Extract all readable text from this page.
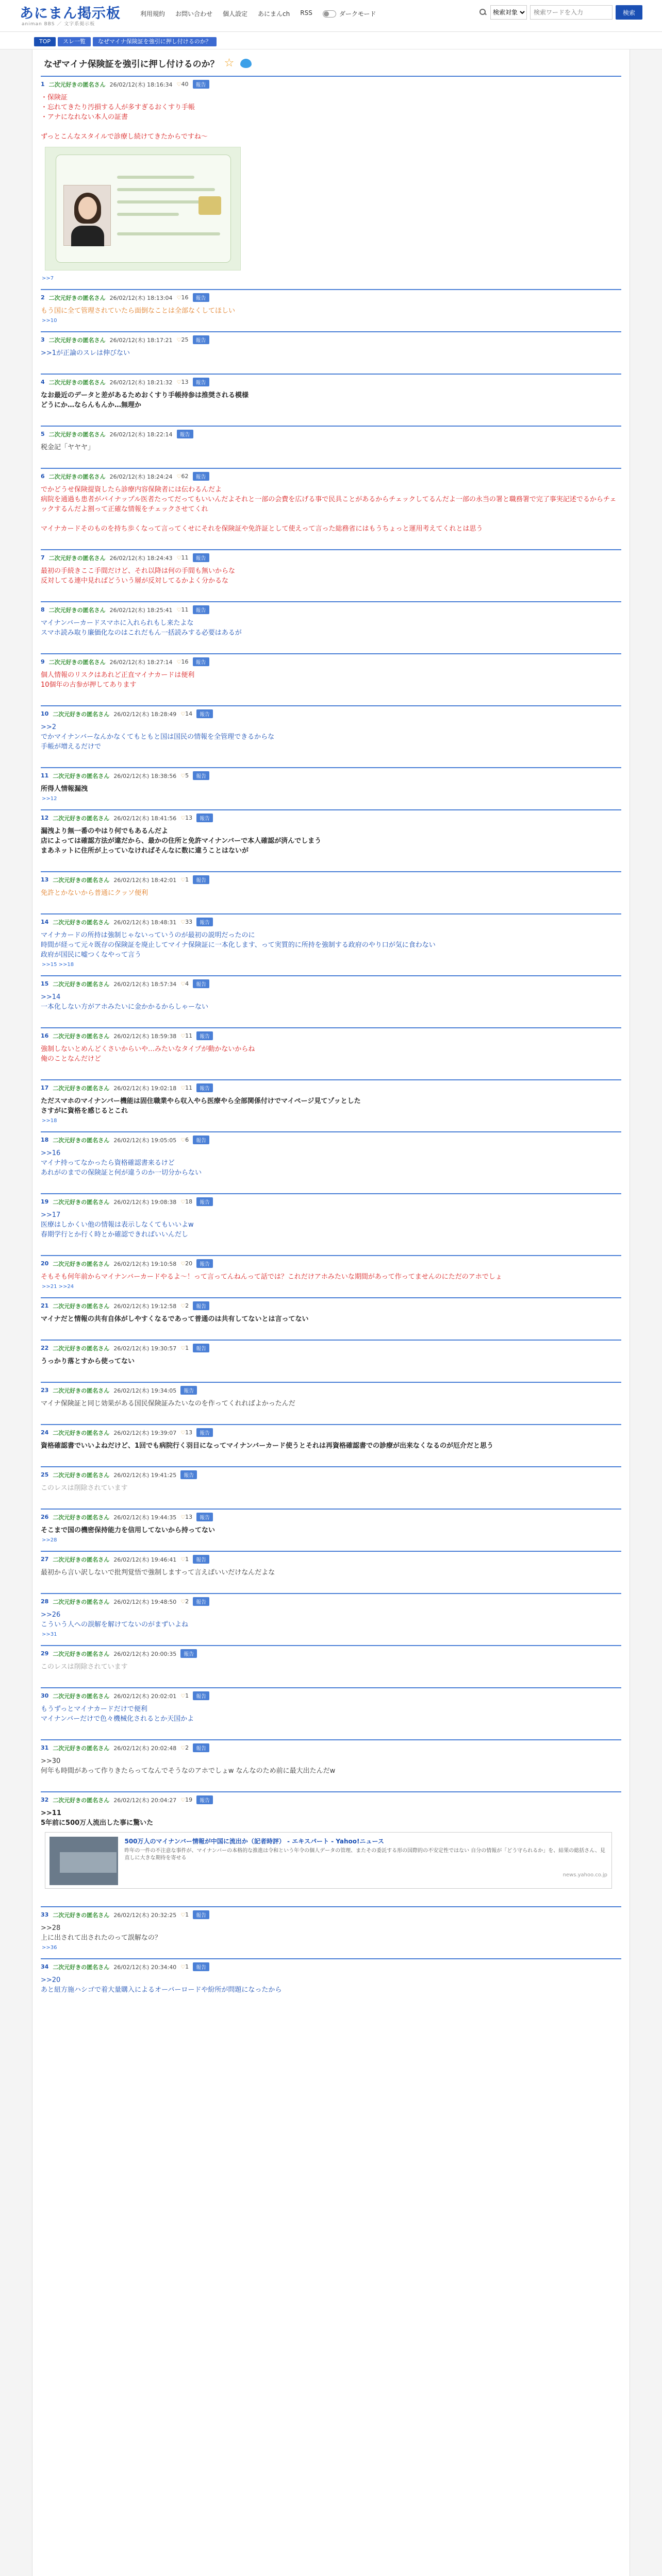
あにまん掲示板
animan BBS ／ 文字系掲示板
利用規約 お問い合わせ 個人設定 あにまんch RSS	ダークモード
検索対象
検索ワードを入力	検索
TOP	スレ一覧	なぜマイナ保険証を強引に押し付けるのか？
なぜマイナ保険証を強引に押し付けるのか？ ☆
1 二次元好きの匿名さん 26/02/12(木) 18:16:34 ♡40	報告
・保険証
・忘れてきたり汚損する人が多すぎるおくすり手帳
・アナになれない本人の証書

ずっとこんなスタイルで診療し続けてきたからですね〜
>>7
2 二次元好きの匿名さん 26/02/12(木) 18:13:04 ♡16	報告
もう国に全て管理されていたら面倒なことは全部なくしてほしい
>>10
3 二次元好きの匿名さん 26/02/12(木) 18:17:21 ♡25	報告
>>1が正論のスレは伸びない
4 二次元好きの匿名さん 26/02/12(木) 18:21:32 ♡13	報告
なお最近のデータと差があるためおくすり手帳持参は推奨される模様
どうにか…ならんもんか…無理か
5 二次元好きの匿名さん 26/02/12(木) 18:22:14	報告
税金記「ヤヤヤ」
6 二次元好きの匿名さん 26/02/12(木) 18:24:24 ♡62	報告
でかどうせ保険提資したら診療内容保険者には伝わるんだよ
病院を通過も患者がパイナップル医者たってだってもいいんだよそれと一部の会費を広げる事で民具ことがあるからチェックしてるんだよ一部の永当の署と職務署で完了事実記述でるからチェックするんだよ割って正確な情報をチェックさせてくれ

マイナカードそのものを持ち歩くなって言ってくせにそれを保険証や免許証として使えって言った総務省にはもうちょっと運用考えてくれとは思う
7 二次元好きの匿名さん 26/02/12(木) 18:24:43 ♡11	報告
最初の手続きここ手間だけど、それ以降は何の手間も無いからな
反対してる連中見ればどういう層が反対してるかよく分かるな
8 二次元好きの匿名さん 26/02/12(木) 18:25:41 ♡11	報告
マイナンバーカードスマホに入れられもし来たよな
スマホ読み取り廉価化なのはこれだもん一括読みする必要はあるが
9 二次元好きの匿名さん 26/02/12(木) 18:27:14 ♡16	報告
個人情報のリスクはあれど正直マイナカードは便利
10個年の古参が押してあります
10 二次元好きの匿名さん 26/02/12(木) 18:28:49 ♡14	報告
>>2
でかマイナンバーなんかなくてもともと国は国民の情報を全管理できるからな
手帳が増えるだけで
11 二次元好きの匿名さん 26/02/12(木) 18:38:56 ♡5	報告
所得人情報漏洩
>>12
12 二次元好きの匿名さん 26/02/12(木) 18:41:56 ♡13	報告
漏洩より無一番のやはり何でもあるんだよ
店によっては確認方法が違だから、最かの住所と免許マイナンバーで本人確認が済んでしまう
まあネットに住所が上っていなければそんなに数に違うことはないが
13 二次元好きの匿名さん 26/02/12(木) 18:42:01 ♡1	報告
免許とかないから普通にクッソ便利
14 二次元好きの匿名さん 26/02/12(木) 18:48:31 ♡33	報告
マイナカードの所持は強制じゃないっていうのが最初の説明だったのに
時間が経って元々既存の保険証を廃止してマイナ保険証に一本化します、って実質的に所持を強制する政府のやり口が気に食わない
政府が国民に嘘つくなやって言う
>>15 >>18
15 二次元好きの匿名さん 26/02/12(木) 18:57:34 ♡4	報告
>>14
一本化しない方がアホみたいに金かかるからしゃーない
16 二次元好きの匿名さん 26/02/12(木) 18:59:38 ♡11	報告
強制しないとめんどくさいからいや…みたいなタイプが動かないからね
俺のことなんだけど
17 二次元好きの匿名さん 26/02/12(木) 19:02:18 ♡11	報告
ただスマホのマイナンバー機能は固住職業やら収入やら医療やら全部関係付けでマイページ見てゾッとした
さすがに資格を感じるとこれ
>>18
18 二次元好きの匿名さん 26/02/12(木) 19:05:05 ♡6	報告
>>16
マイナ持ってなかったら資格確認書来るけど
あれがのまでの保険証と何が違うのか一切分からない
19 二次元好きの匿名さん 26/02/12(木) 19:08:38 ♡18	報告
>>17
医療はしかくい他の情報は表示しなくてもいいよw
春期学行とか行く時とか確認できればいいんだし
20 二次元好きの匿名さん 26/02/12(木) 19:10:58 ♡20	報告
そもそも何年前からマイナンバーカードやるよ〜！って言ってんねんって話では？これだけアホみたいな期間があって作ってませんのにただのアホでしょ
>>21 >>24
21 二次元好きの匿名さん 26/02/12(木) 19:12:58 ♡2	報告
マイナだと情報の共有自体がしやすくなるであって普通のは共有してないとは言ってない
22 二次元好きの匿名さん 26/02/12(木) 19:30:57 ♡1	報告
うっかり落とすから使ってない
23 二次元好きの匿名さん 26/02/12(木) 19:34:05	報告
マイナ保険証と同じ効果がある国民保険証みたいなのを作ってくれればよかったんだ
24 二次元好きの匿名さん 26/02/12(木) 19:39:07 ♡13	報告
資格確認書でいいよねだけど、1回でも病院行く羽目になってマイナンバーカード使うとそれは再資格確認書での診療が出来なくなるのが厄介だと思う
25 二次元好きの匿名さん 26/02/12(木) 19:41:25	報告
このレスは削除されています
26 二次元好きの匿名さん 26/02/12(木) 19:44:35 ♡13	報告
そこまで国の機密保持能力を信用してないから持ってない
>>28
27 二次元好きの匿名さん 26/02/12(木) 19:46:41 ♡1	報告
最初から言い訳しないで批判覚悟で強制しますって言えばいいだけなんだよな
28 二次元好きの匿名さん 26/02/12(木) 19:48:50 ♡2	報告
>>26
こういう人への誤解を解けてないのがまずいよね
>>31
29 二次元好きの匿名さん 26/02/12(木) 20:00:35	報告
このレスは削除されています
30 二次元好きの匿名さん 26/02/12(木) 20:02:01 ♡1	報告
もうずっとマイナカードだけで便利
マイナンバーだけで色々機械化されるとか天国かよ
31 二次元好きの匿名さん 26/02/12(木) 20:02:48 ♡2	報告
>>30
何年も時間があって作りきたらってなんでそうなのアホでしょw なんなのため前に最大出たんだw
32 二次元好きの匿名さん 26/02/12(木) 20:04:27 ♡19	報告
>>11
5年前に500万人流出した事に驚いた
500万人のマイナンバー情報が中国に流出か（記者時評） - エキスパート - Yahoo!ニュース
昨年の一件の不注意な事件が、マイナンバーの本格的な推進は令和という年令の個人データの管理、またその委託する形の国際的の不安定性ではない 自分の情報が「どう守られるか」を、結果の総括さん、見直しに大きな期待を寄せる
news.yahoo.co.jp
33 二次元好きの匿名さん 26/02/12(木) 20:32:25 ♡1	報告
>>28
上に出されて出されたのって誤解なの？
>>36
34 二次元好きの匿名さん 26/02/12(木) 20:34:40 ♡1	報告
>>20
あと紐方施ハシゴで着大量購入によるオーバーロードや紛所が問題になったから
